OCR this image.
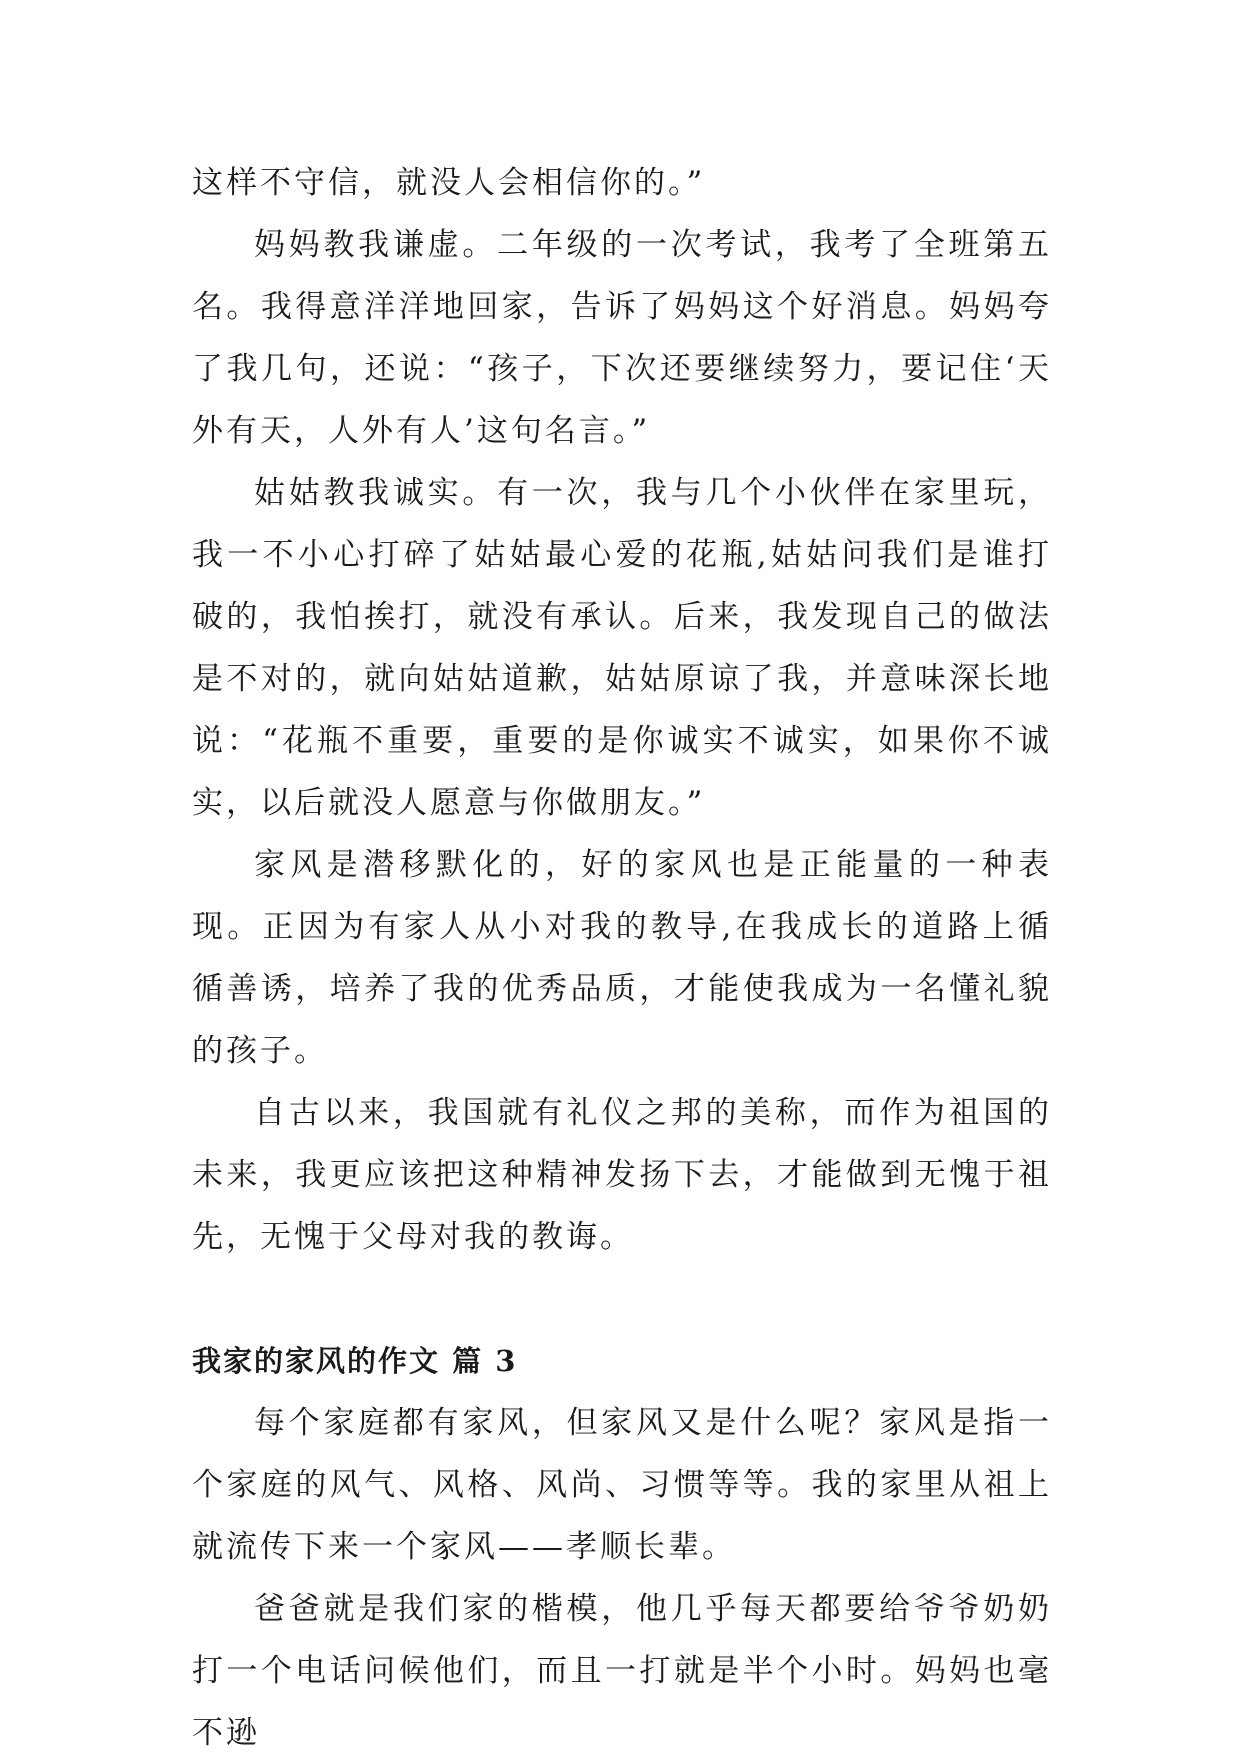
这样不守信，就没人会相信你的。”

妈妈教我谦虚。二年级的一次考试，我考了全班第五名。我得意洋洋地回家，告诉了妈妈这个好消息。妈妈夸了我几句，还说：“孩子，下次还要继续努力，要记住‘天外有天，人外有人’这句名言。”

姑姑教我诚实。有一次，我与几个小伙伴在家里玩，我一不小心打碎了姑姑最心爱的花瓶,姑姑问我们是谁打破的，我怕挨打，就没有承认。后来，我发现自己的做法是不对的，就向姑姑道歉，姑姑原谅了我，并意味深长地说：“花瓶不重要，重要的是你诚实不诚实，如果你不诚实，以后就没人愿意与你做朋友。”

家风是潜移默化的，好的家风也是正能量的一种表现。正因为有家人从小对我的教导,在我成长的道路上循循善诱，培养了我的优秀品质，才能使我成为一名懂礼貌的孩子。

自古以来，我国就有礼仪之邦的美称，而作为祖国的未来，我更应该把这种精神发扬下去，才能做到无愧于祖先，无愧于父母对我的教诲。

我家的家风的作文 篇 3

每个家庭都有家风，但家风又是什么呢？家风是指一个家庭的风气、风格、风尚、习惯等等。我的家里从祖上就流传下来一个家风——孝顺长辈。

爸爸就是我们家的楷模，他几乎每天都要给爷爷奶奶打一个电话问候他们，而且一打就是半个小时。妈妈也毫不逊
